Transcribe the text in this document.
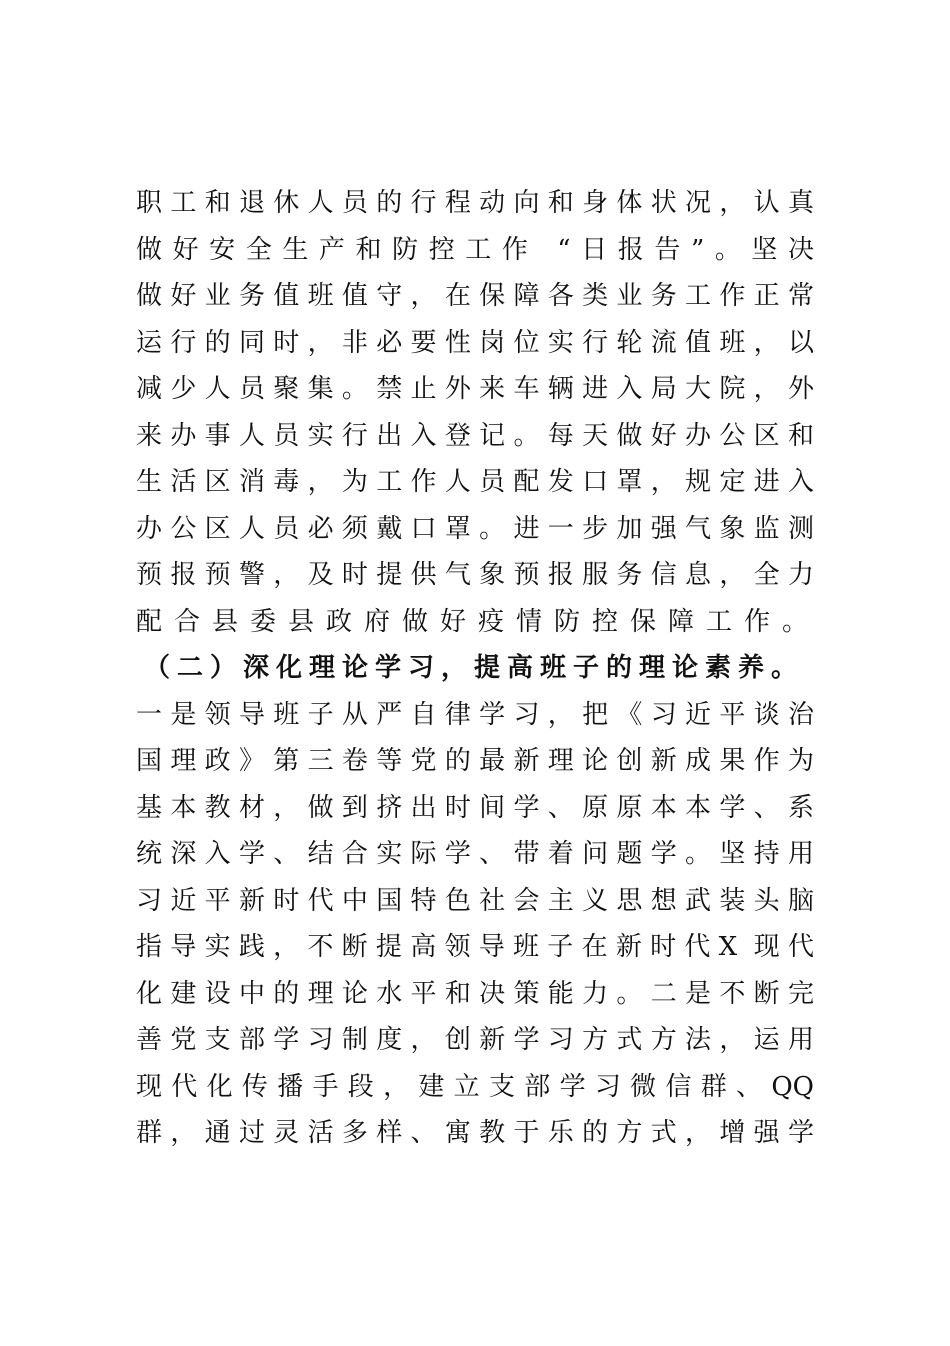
职工和退休人员的行程动向和身体状况，认真
做好安全生产和防控工作 “日报告”。坚决
做好业务值班值守，在保障各类业务工作正常
运行的同时，非必要性岗位实行轮流值班，以
减少人员聚集。禁止外来车辆进入局大院，外
来办事人员实行出入登记。每天做好办公区和
生活区消毒，为工作人员配发口罩，规定进入
办公区人员必须戴口罩。进一步加强气象监测
预报预警，及时提供气象预报服务信息，全力
配合县委县政府做好疫情防控保障工作。
（二）深化理论学习，提高班子的理论素养。
一是领导班子从严自律学习，把《习近平谈治
国理政》第三卷等党的最新理论创新成果作为
基本教材，做到挤出时间学、原原本本学、系
统深入学、结合实际学、带着问题学。坚持用
习近平新时代中国特色社会主义思想武装头脑
指导实践，不断提高领导班子在新时代X 现代
化建设中的理论水平和决策能力。二是不断完
善党支部学习制度，创新学习方式方法，运用
现代化传播手段，建立支部学习微信群、QQ
群，通过灵活多样、寓教于乐的方式，增强学
